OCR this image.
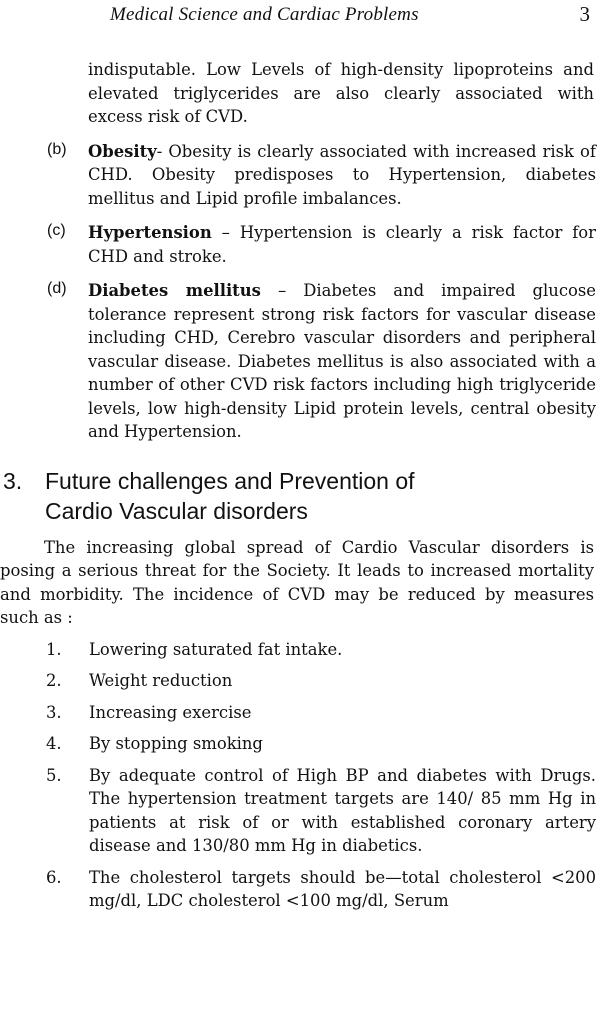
Medical Science and Cardiac Problems	3

indisputable. Low Levels of high-density lipoproteins and elevated triglycerides are also clearly associated with excess risk of CVD.

(b) Obesity- Obesity is clearly associated with increased risk of CHD. Obesity predisposes to Hypertension, diabetes mellitus and Lipid profile imbalances.

(c) Hypertension – Hypertension is clearly a risk factor for CHD and stroke.

(d) Diabetes mellitus – Diabetes and impaired glucose tolerance represent strong risk factors for vascular disease including CHD, Cerebro vascular disorders and peripheral vascular disease. Diabetes mellitus is also associated with a number of other CVD risk factors including high triglyceride levels, low high-density Lipid protein levels, central obesity and Hypertension.

3. Future challenges and Prevention of Cardio Vascular disorders

The increasing global spread of Cardio Vascular disorders is posing a serious threat for the Society. It leads to increased mortality and morbidity. The incidence of CVD may be reduced by measures such as :

1. Lowering saturated fat intake.

2. Weight reduction

3. Increasing exercise

4. By stopping smoking

5. By adequate control of High BP and diabetes with Drugs. The hypertension treatment targets are 140/ 85 mm Hg in patients at risk of or with established coronary artery disease and 130/80 mm Hg in diabetics.

6. The cholesterol targets should be—total cholesterol <200 mg/dl, LDC cholesterol <100 mg/dl, Serum
